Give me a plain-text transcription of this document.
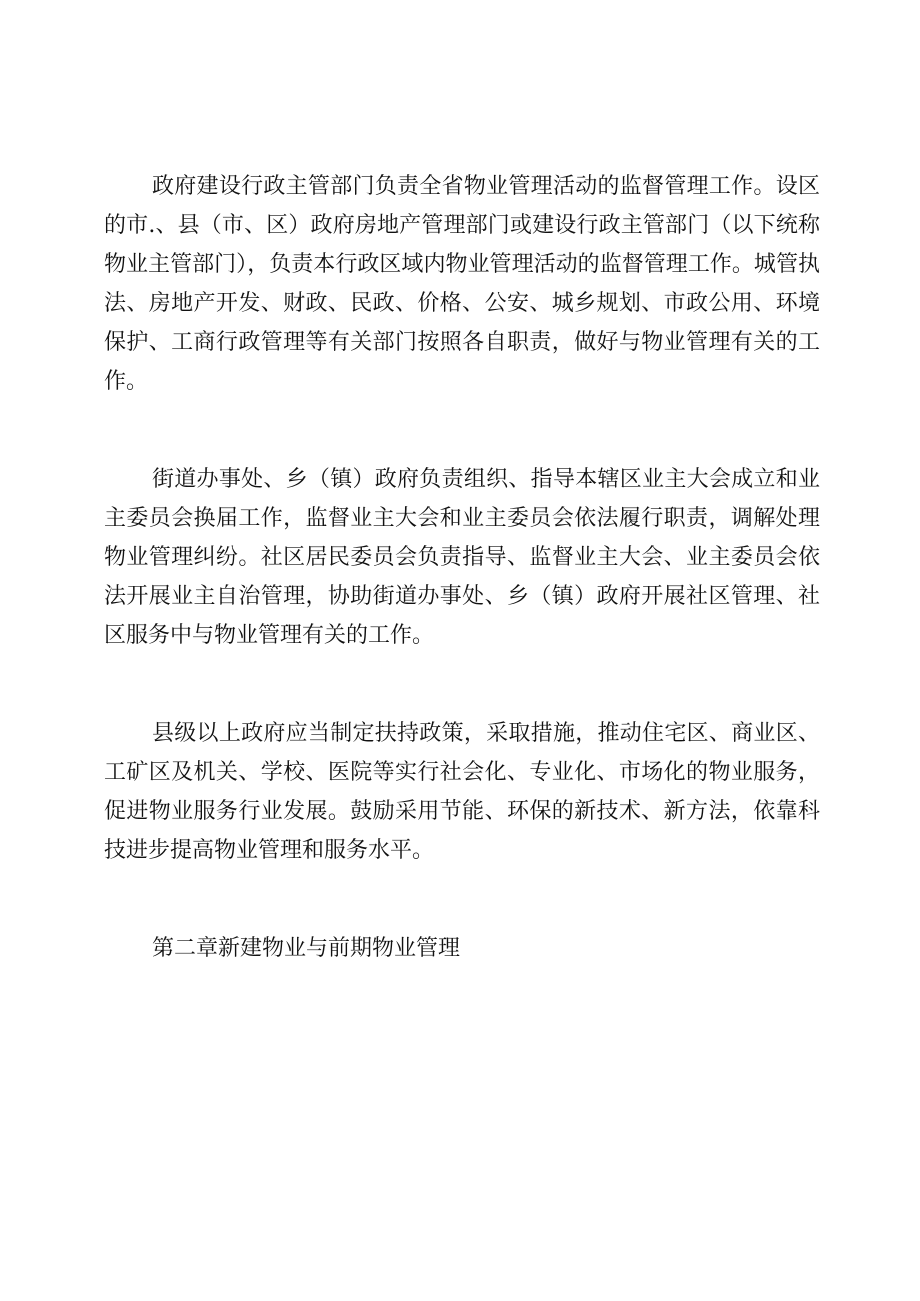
政府建设行政主管部门负责全省物业管理活动的监督管理工作。设区的市.、县（市、区）政府房地产管理部门或建设行政主管部门（以下统称物业主管部门），负责本行政区域内物业管理活动的监督管理工作。城管执法、房地产开发、财政、民政、价格、公安、城乡规划、市政公用、环境保护、工商行政管理等有关部门按照各自职责，做好与物业管理有关的工作。

街道办事处、乡（镇）政府负责组织、指导本辖区业主大会成立和业主委员会换届工作，监督业主大会和业主委员会依法履行职责，调解处理物业管理纠纷。社区居民委员会负责指导、监督业主大会、业主委员会依法开展业主自治管理，协助街道办事处、乡（镇）政府开展社区管理、社区服务中与物业管理有关的工作。

县级以上政府应当制定扶持政策，采取措施，推动住宅区、商业区、工矿区及机关、学校、医院等实行社会化、专业化、市场化的物业服务，促进物业服务行业发展。鼓励采用节能、环保的新技术、新方法，依靠科技进步提高物业管理和服务水平。

第二章新建物业与前期物业管理
